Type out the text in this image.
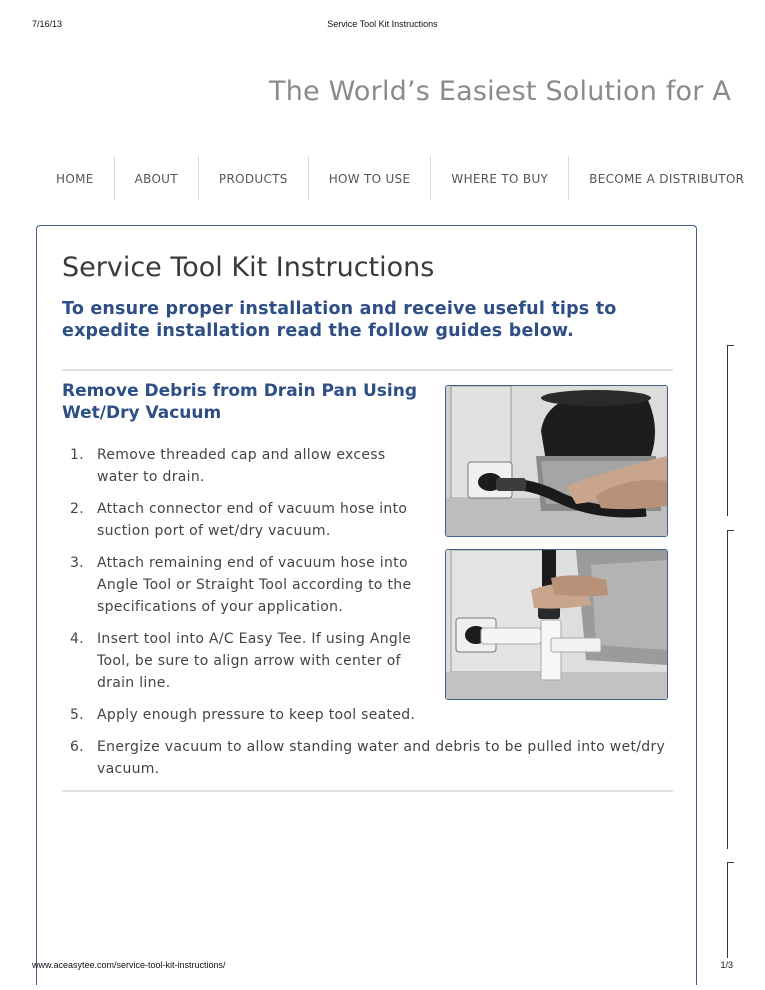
7/16/13	Service Tool Kit Instructions
The World’s Easiest Solution for A
HOME	ABOUT	PRODUCTS	HOW TO USE	WHERE TO BUY	BECOME A DISTRIBUTOR
Service Tool Kit Instructions
To ensure proper installation and receive useful tips to expedite installation read the follow guides below.
Remove Debris from Drain Pan Using Wet/Dry Vacuum
1. Remove threaded cap and allow excess water to drain.
2. Attach connector end of vacuum hose into suction port of wet/dry vacuum.
3. Attach remaining end of vacuum hose into Angle Tool or Straight Tool according to the specifications of your application.
4. Insert tool into A/C Easy Tee. If using Angle Tool, be sure to align arrow with center of drain line.
5. Apply enough pressure to keep tool seated.
6. Energize vacuum to allow standing water and debris to be pulled into wet/dry vacuum.
www.aceasytee.com/service-tool-kit-instructions/	1/3
